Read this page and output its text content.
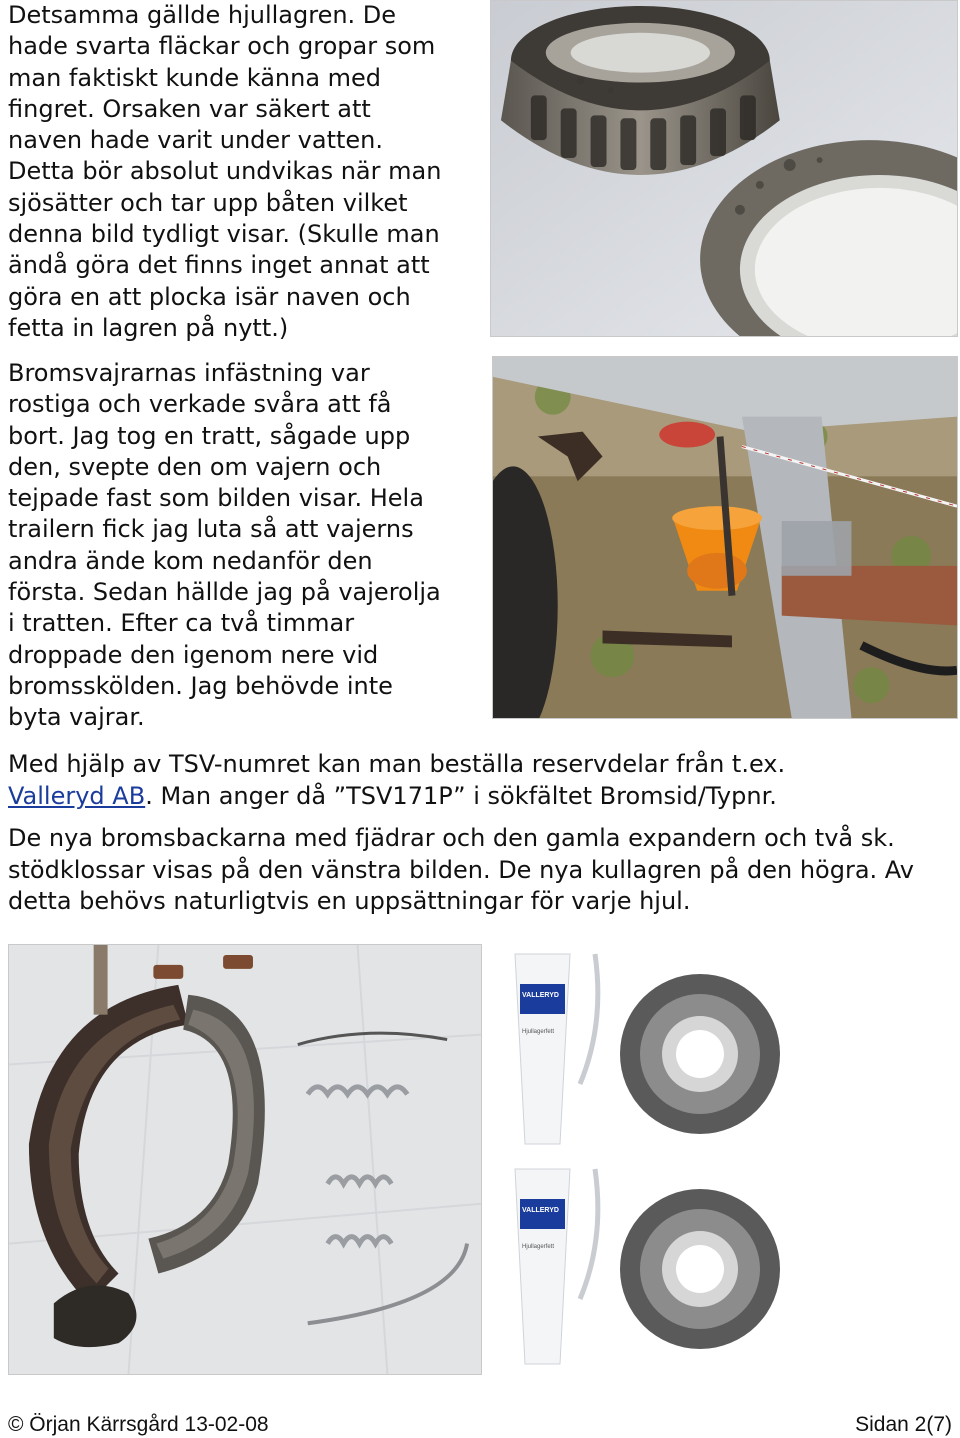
Detsamma gällde hjullagren. De
hade svarta fläckar och gropar som
man faktiskt kunde känna med
fingret. Orsaken var säkert att
naven hade varit under vatten.
Detta bör absolut undvikas när man
sjösätter och tar upp båten vilket
denna bild tydligt visar. (Skulle man
ändå göra det finns inget annat att
göra en att plocka isär naven och
fetta in lagren på nytt.)

Bromsvajrarnas infästning var
rostiga och verkade svåra att få
bort. Jag tog en tratt, sågade upp
den, svepte den om vajern och
tejpade fast som bilden visar. Hela
trailern fick jag luta så att vajerns
andra ände kom nedanför den
första. Sedan hällde jag på vajerolja
i tratten. Efter ca två timmar
droppade den igenom nere vid
bromsskölden. Jag behövde inte
byta vajrar.

Med hjälp av TSV-numret kan man beställa reservdelar från t.ex.
Valleryd AB. Man anger då ”TSV171P” i sökfältet Bromsid/Typnr.

De nya bromsbackarna med fjädrar och den gamla expandern och två sk. stödklossar visas på den vänstra bilden. De nya kullagren på den högra. Av detta behövs naturligtvis en uppsättningar för varje hjul.

VALLERYD
Hjullagerfett
VALLERYD
Hjullagerfett
© Örjan Kärrsgård 13-02-08	Sidan 2(7)
